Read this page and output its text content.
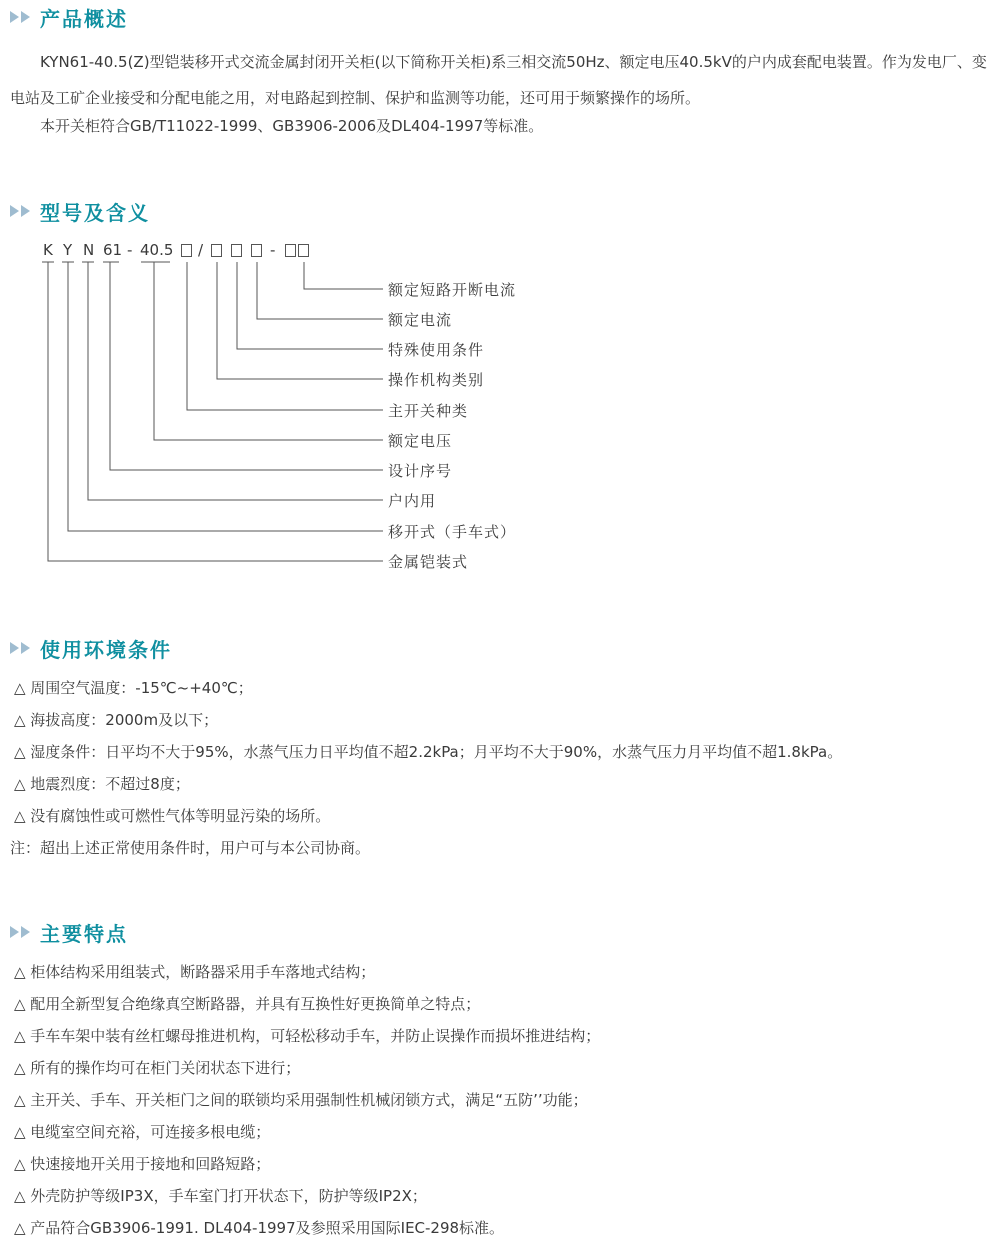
产品概述
KYN61-40.5(Z)型铠装移开式交流金属封闭开关柜(以下简称开关柜)系三相交流50Hz、额定电压40.5kV的户内成套配电装置。作为发电厂、变电站及工矿企业接受和分配电能之用，对电路起到控制、保护和监测等功能，还可用于频繁操作的场所。
本开关柜符合GB/T11022-1999、GB3906-2006及DL404-1997等标准。
型号及含义
K Y N 61 - 40.5 /	-
额定短路开断电流
额定电流
特殊使用条件
操作机构类别
主开关种类
额定电压
设计序号
户内用
移开式（手车式）
金属铠装式
使用环境条件
△ 周围空气温度：-15℃~+40℃；
△ 海拔高度：2000m及以下；
△ 湿度条件：日平均不大于95%，水蒸气压力日平均值不超2.2kPa；月平均不大于90%，水蒸气压力月平均值不超1.8kPa。
△ 地震烈度：不超过8度；
△ 没有腐蚀性或可燃性气体等明显污染的场所。
注：超出上述正常使用条件时，用户可与本公司协商。
主要特点
△ 柜体结构采用组装式，断路器采用手车落地式结构；
△ 配用全新型复合绝缘真空断路器，并具有互换性好更换简单之特点；
△ 手车车架中装有丝杠螺母推进机构，可轻松移动手车，并防止误操作而损坏推进结构；
△ 所有的操作均可在柜门关闭状态下进行；
△ 主开关、手车、开关柜门之间的联锁均采用强制性机械闭锁方式，满足“五防’’功能；
△ 电缆室空间充裕，可连接多根电缆；
△ 快速接地开关用于接地和回路短路；
△ 外壳防护等级IP3X，手车室门打开状态下，防护等级IP2X；
△ 产品符合GB3906-1991. DL404-1997及参照采用国际IEC-298标准。
